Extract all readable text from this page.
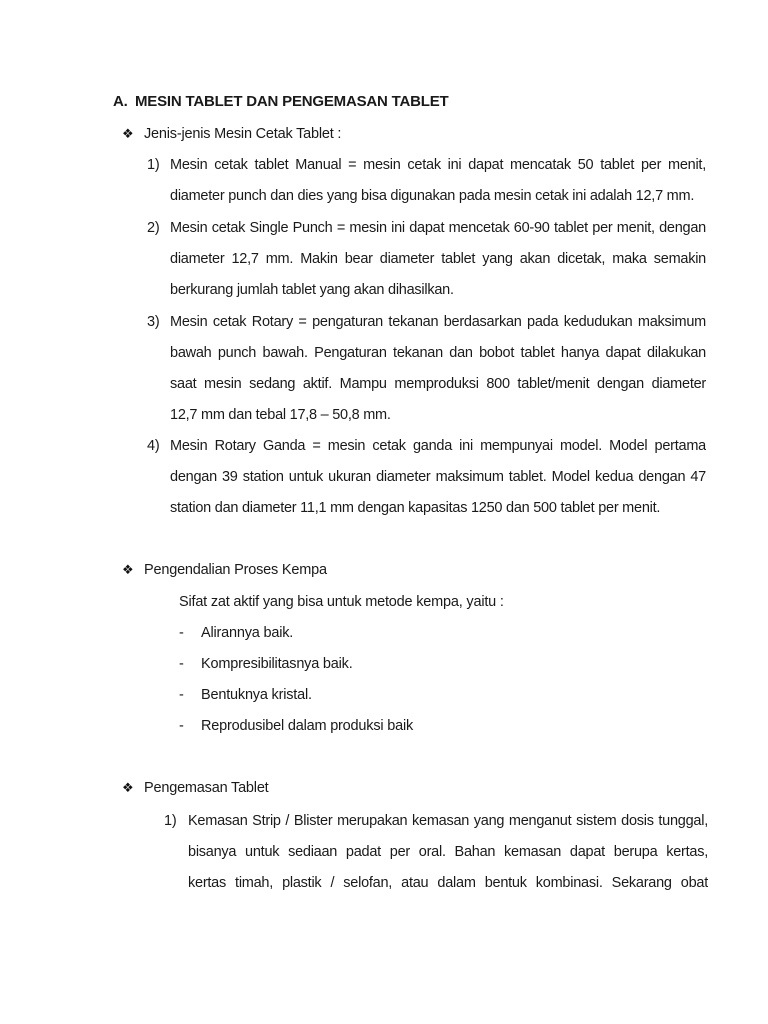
A. MESIN TABLET DAN PENGEMASAN TABLET
❖ Jenis-jenis Mesin Cetak Tablet :
1) Mesin cetak tablet Manual = mesin cetak ini dapat mencatak 50 tablet per menit,
diameter punch dan dies yang bisa digunakan pada mesin cetak ini adalah 12,7 mm.
2) Mesin cetak Single Punch = mesin ini dapat mencetak 60-90 tablet per menit, dengan
diameter 12,7 mm. Makin bear diameter tablet yang akan dicetak, maka semakin
berkurang jumlah tablet yang akan dihasilkan.
3) Mesin cetak Rotary = pengaturan tekanan berdasarkan pada kedudukan maksimum
bawah punch bawah. Pengaturan tekanan dan bobot tablet hanya dapat dilakukan
saat mesin sedang aktif. Mampu memproduksi 800 tablet/menit dengan diameter
12,7 mm dan tebal 17,8 – 50,8 mm.
4) Mesin Rotary Ganda = mesin cetak ganda ini mempunyai model. Model pertama
dengan 39 station untuk ukuran diameter maksimum tablet. Model kedua dengan 47
station dan diameter 11,1 mm dengan kapasitas 1250 dan 500 tablet per menit.
❖ Pengendalian Proses Kempa
Sifat zat aktif yang bisa untuk metode kempa, yaitu :
- Alirannya baik.
- Kompresibilitasnya baik.
- Bentuknya kristal.
- Reprodusibel dalam produksi baik
❖ Pengemasan Tablet
1) Kemasan Strip / Blister merupakan kemasan yang menganut sistem dosis tunggal,
bisanya untuk sediaan padat per oral. Bahan kemasan dapat berupa kertas,
kertas timah, plastik / selofan, atau dalam bentuk kombinasi. Sekarang obat
